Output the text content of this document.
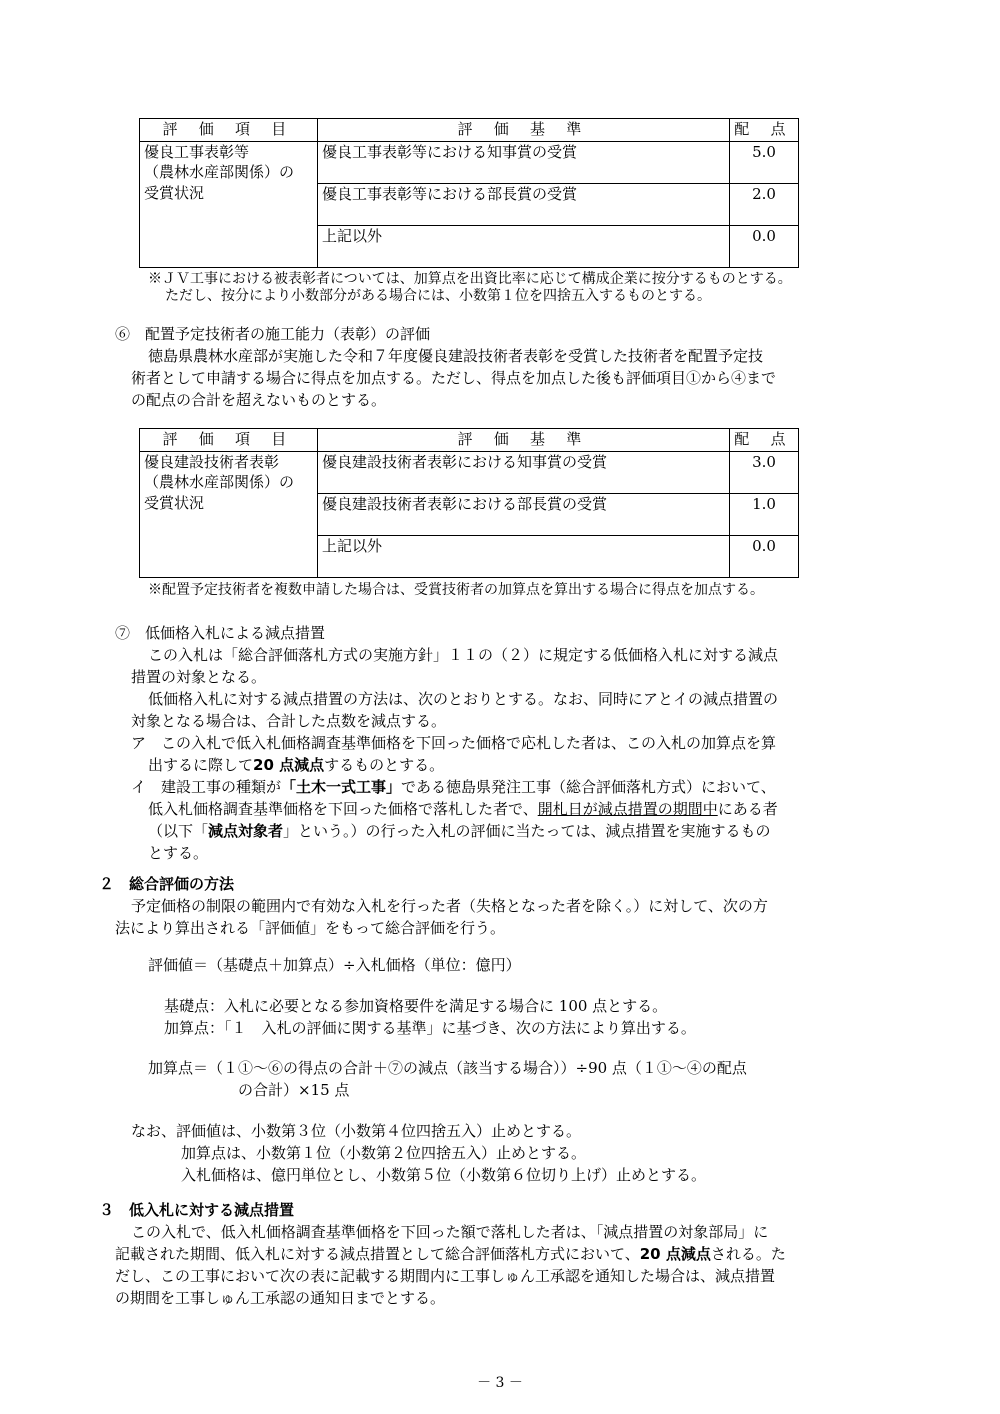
評 価 項 目	評 価 基 準	配 点
優良工事表彰等
（農林水産部関係）の
受賞状況	優良工事表彰等における知事賞の受賞	5.0
	優良工事表彰等における部長賞の受賞	2.0
	上記以外	0.0
※ＪＶ工事における被表彰者については、加算点を出資比率に応じて構成企業に按分するものとする。
ただし、按分により小数部分がある場合には、小数第１位を四捨五入するものとする。
⑥　配置予定技術者の施工能力（表彰）の評価
徳島県農林水産部が実施した令和７年度優良建設技術者表彰を受賞した技術者を配置予定技
術者として申請する場合に得点を加点する。ただし、得点を加点した後も評価項目①から④まで
の配点の合計を超えないものとする。
評 価 項 目	評 価 基 準	配 点
優良建設技術者表彰
（農林水産部関係）の
受賞状況	優良建設技術者表彰における知事賞の受賞	3.0
	優良建設技術者表彰における部長賞の受賞	1.0
	上記以外	0.0
※配置予定技術者を複数申請した場合は、受賞技術者の加算点を算出する場合に得点を加点する。
⑦　低価格入札による減点措置
この入札は「総合評価落札方式の実施方針」１１の（２）に規定する低価格入札に対する減点
措置の対象となる。
低価格入札に対する減点措置の方法は、次のとおりとする。なお、同時にアとイの減点措置の
対象となる場合は、合計した点数を減点する。
ア　この入札で低入札価格調査基準価格を下回った価格で応札した者は、この入札の加算点を算
出するに際して20 点減点するものとする。
イ　建設工事の種類が「土木一式工事」である徳島県発注工事（総合評価落札方式）において、
低入札価格調査基準価格を下回った価格で落札した者で、開札日が減点措置の期間中にある者
（以下「減点対象者」という。）の行った入札の評価に当たっては、減点措置を実施するもの
とする。
２　総合評価の方法
予定価格の制限の範囲内で有効な入札を行った者（失格となった者を除く。）に対して、次の方
法により算出される「評価値」をもって総合評価を行う。
評価値＝（基礎点＋加算点）÷入札価格（単位：億円）
基礎点：入札に必要となる参加資格要件を満足する場合に 100 点とする。
加算点：「１　入札の評価に関する基準」に基づき、次の方法により算出する。
加算点＝（１①～⑥の得点の合計＋⑦の減点（該当する場合））÷90 点（１①～④の配点
の合計）×15 点
なお、評価値は、小数第３位（小数第４位四捨五入）止めとする。
加算点は、小数第１位（小数第２位四捨五入）止めとする。
入札価格は、億円単位とし、小数第５位（小数第６位切り上げ）止めとする。
３　低入札に対する減点措置
この入札で、低入札価格調査基準価格を下回った額で落札した者は、「減点措置の対象部局」に
記載された期間、低入札に対する減点措置として総合評価落札方式において、20 点減点される。た
だし、この工事において次の表に記載する期間内に工事しゅん工承認を通知した場合は、減点措置
の期間を工事しゅん工承認の通知日までとする。
－ 3 －
